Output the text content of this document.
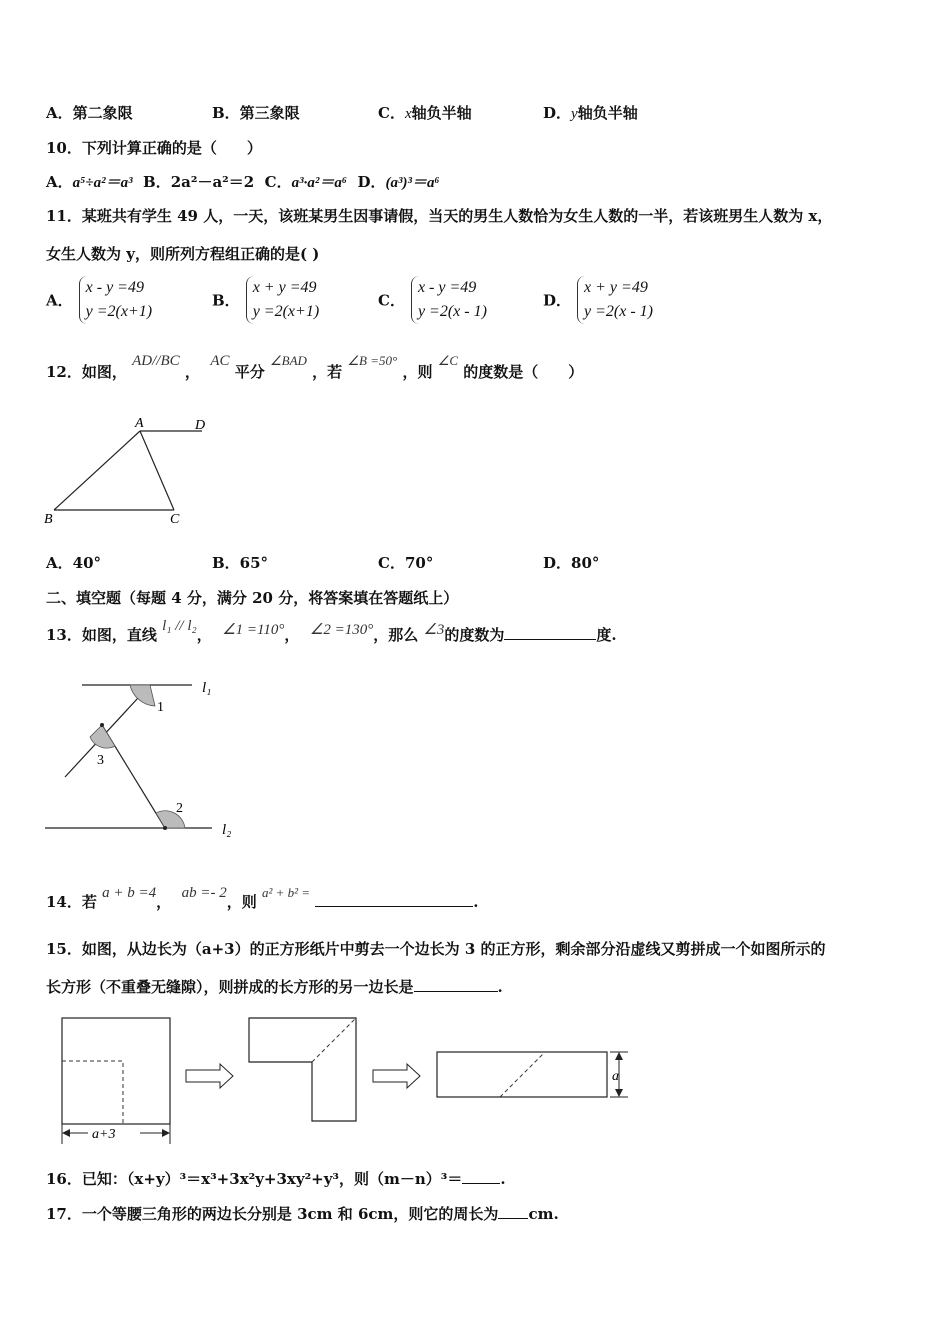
A．第二象限	B．第三象限	C．x轴负半轴	D．y轴负半轴
10．下列计算正确的是（　　）
A．a⁵÷a²＝a³ B．2a²－a²＝2 C．a³·a²＝a⁶ D．(a³)³＝a⁶
11．某班共有学生 49 人，一天，该班某男生因事请假，当天的男生人数恰为女生人数的一半，若该班男生人数为 x，
女生人数为 y，则所列方程组正确的是( )
A．
x - y =49
y =2(x+1)
B．
x + y =49
y =2(x+1)
C．
x - y =49
y =2(x - 1)
D．
x + y =49
y =2(x - 1)
12．如图， AD//BC ，  AC 平分 ∠BAD ，若 ∠B =50° ，则 ∠C 的度数是（　　）
A	D
B	C
A．40°	B．65°	C．70°	D．80°
二、填空题（每题 4 分，满分 20 分，将答案填在答题纸上）
13．如图，直线 l₁ // l₂， ∠1 =110°， ∠2 =130°，那么 ∠3的度数为	度.
l₁
1
3
2
l₂
14．若 a + b =4， ab =- 2，则 a² + b² = .
15．如图，从边长为（a+3）的正方形纸片中剪去一个边长为 3 的正方形，剩余部分沿虚线又剪拼成一个如图所示的
长方形（不重叠无缝隙），则拼成的长方形的另一边长是	.
a+3
a
16．已知：（x+y）³＝x³+3x²y+3xy²+y³，则（m－n）³＝	.
17．一个等腰三角形的两边长分别是 3cm 和 6cm，则它的周长为 cm.
